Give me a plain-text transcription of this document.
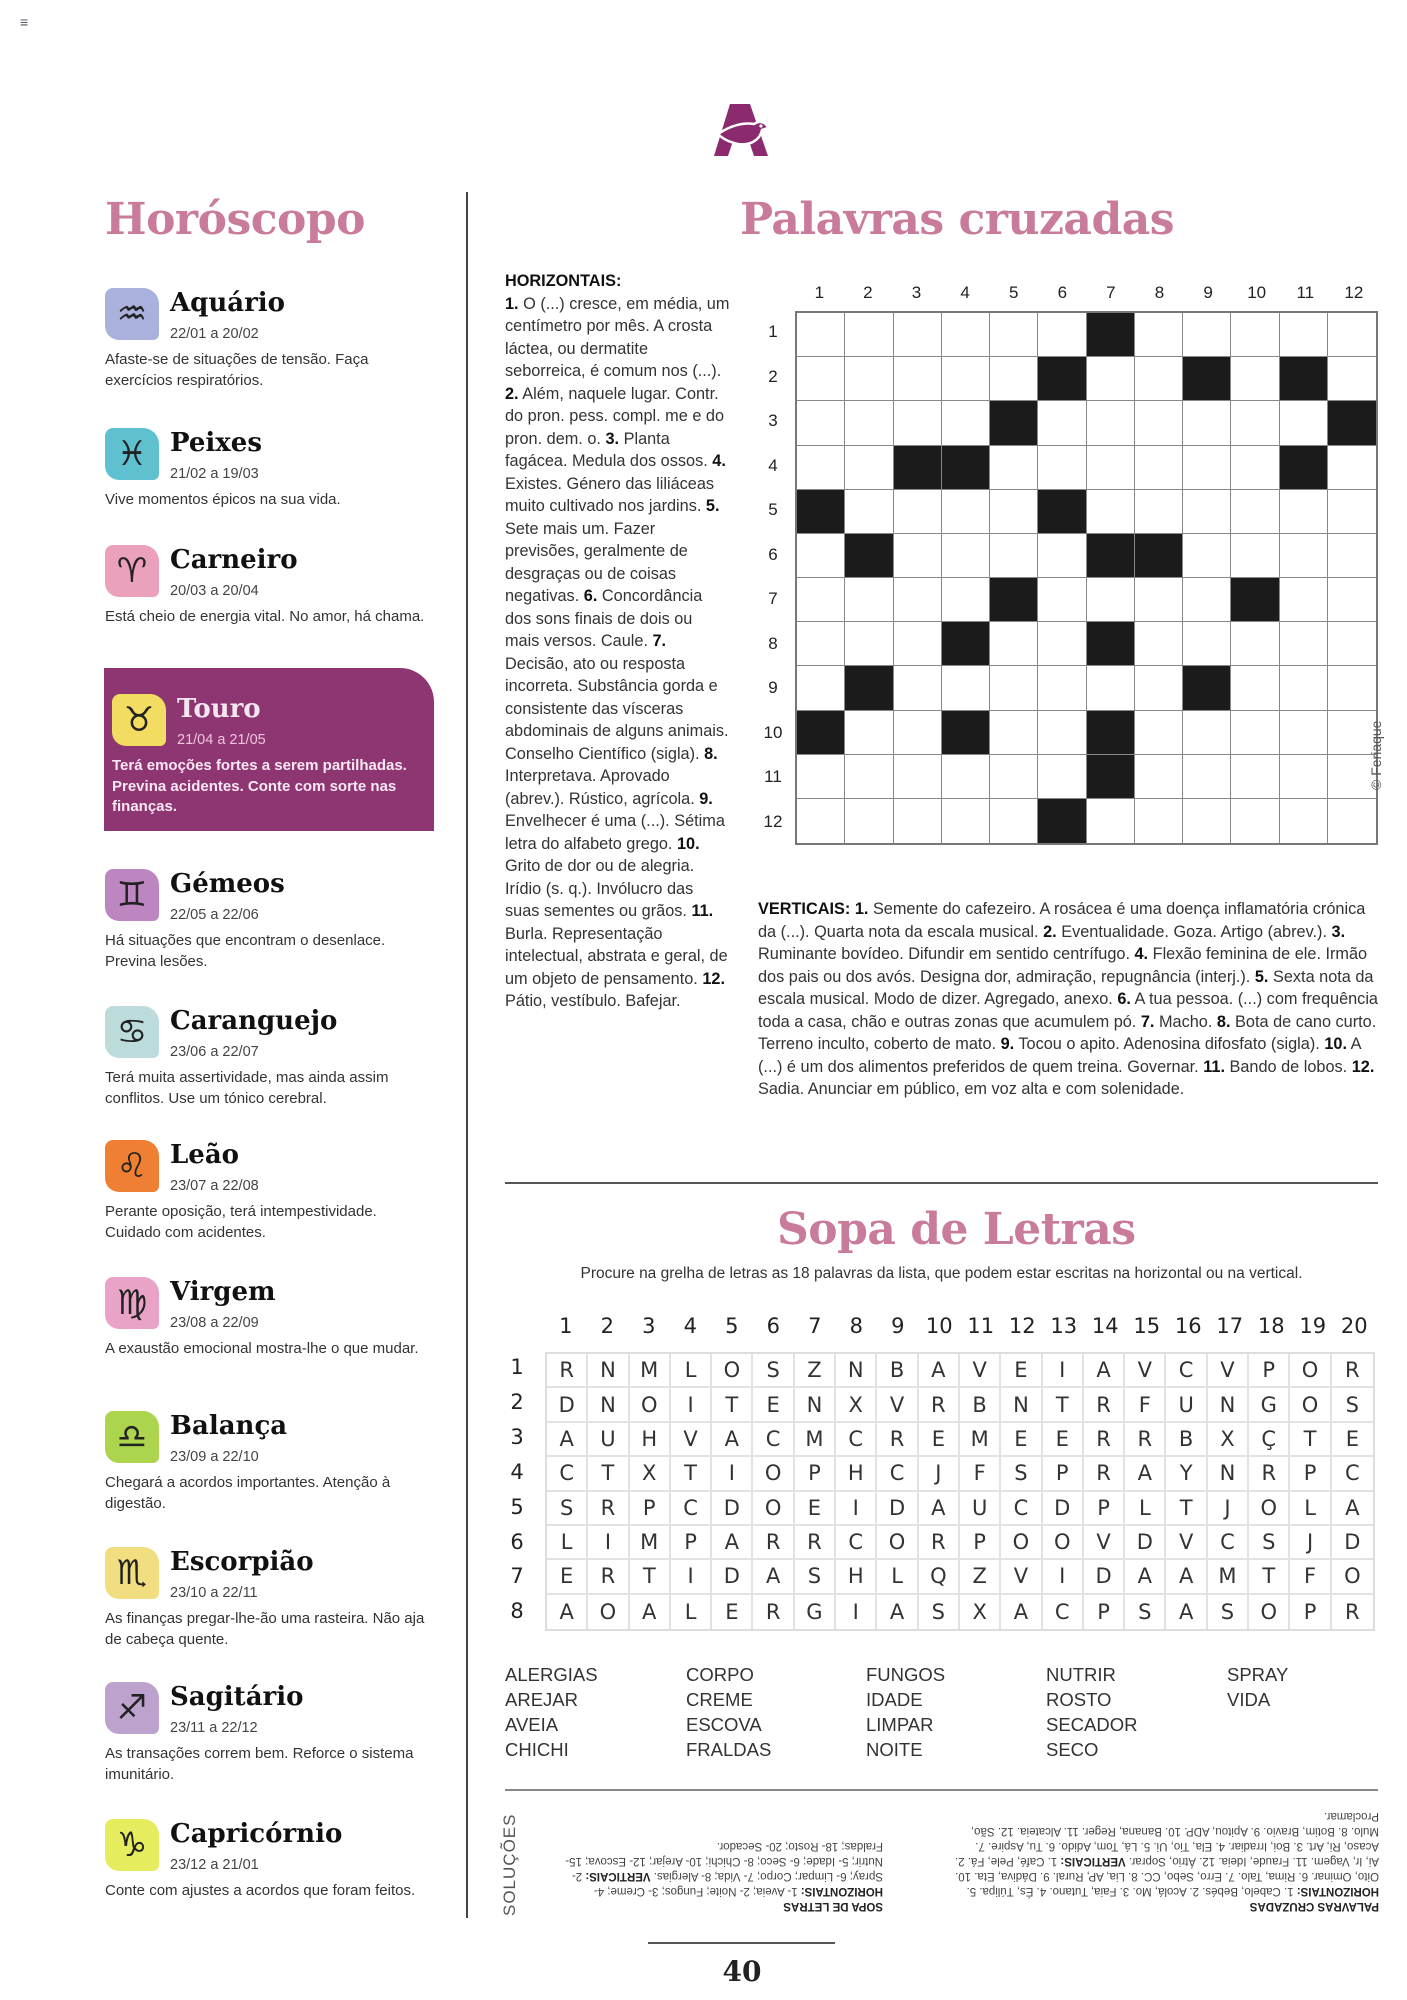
≡
Horóscopo
♒ Aquário
22/01 a 20/02
Afaste-se de situações de tensão. Faça exercícios respiratórios.
♓ Peixes
21/02 a 19/03
Vive momentos épicos na sua vida.
♈ Carneiro
20/03 a 20/04
Está cheio de energia vital. No amor, há chama.
♉ Touro
21/04 a 21/05
Terá emoções fortes a serem partilhadas. Previna acidentes. Conte com sorte nas finanças.
♊ Gémeos
22/05 a 22/06
Há situações que encontram o desenlace. Previna lesões.
♋ Caranguejo
23/06 a 22/07
Terá muita assertividade, mas ainda assim conflitos. Use um tónico cerebral.
♌ Leão
23/07 a 22/08
Perante oposição, terá intempestividade. Cuidado com acidentes.
♍ Virgem
23/08 a 22/09
A exaustão emocional mostra-lhe o que mudar.
♎ Balança
23/09 a 22/10
Chegará a acordos importantes. Atenção à digestão.
♏ Escorpião
23/10 a 22/11
As finanças pregar-lhe-ão uma rasteira. Não aja de cabeça quente.
♐ Sagitário
23/11 a 22/12
As transações correm bem. Reforce o sistema imunitário.
♑ Capricórnio
23/12 a 21/01
Conte com ajustes a acordos que foram feitos.
Palavras cruzadas
HORIZONTAIS:
1. O (...) cresce, em média, um centímetro por mês. A crosta láctea, ou dermatite seborreica, é comum nos (...). 2. Além, naquele lugar. Contr. do pron. pess. compl. me e do pron. dem. o. 3. Planta fagácea. Medula dos ossos. 4. Existes. Género das liliáceas muito cultivado nos jardins. 5. Sete mais um. Fazer previsões, geralmente de desgraças ou de coisas negativas. 6. Concordância dos sons finais de dois ou mais versos. Caule. 7. Decisão, ato ou resposta incorreta. Substância gorda e consistente das vísceras abdominais de alguns animais. Conselho Científico (sigla). 8. Interpretava. Aprovado (abrev.). Rústico, agrícola. 9. Envelhecer é uma (...). Sétima letra do alfabeto grego. 10. Grito de dor ou de alegria. Irídio (s. q.). Invólucro das suas sementes ou grãos. 11. Burla. Representação intelectual, abstrata e geral, de um objeto de pensamento. 12. Pátio, vestíbulo. Bafejar.
1
1
2
2
3
3
4
4
5
5
6
6
7
7
8
8
9
9
10
10
11
11
12
12
© Feriaque
VERTICAIS: 1. Semente do cafezeiro. A rosácea é uma doença inflamatória crónica da (...). Quarta nota da escala musical. 2. Eventualidade. Goza. Artigo (abrev.). 3. Ruminante bovídeo. Difundir em sentido centrífugo. 4. Flexão feminina de ele. Irmão dos pais ou dos avós. Designa dor, admiração, repugnância (interj.). 5. Sexta nota da escala musical. Modo de dizer. Agregado, anexo. 6. A tua pessoa. (...) com frequência toda a casa, chão e outras zonas que acumulem pó. 7. Macho. 8. Bota de cano curto. Terreno inculto, coberto de mato. 9. Tocou o apito. Adenosina difosfato (sigla). 10. A (...) é um dos alimentos preferidos de quem treina. Governar. 11. Bando de lobos. 12. Sadia. Anunciar em público, em voz alta e com solenidade.
Sopa de Letras
Procure na grelha de letras as 18 palavras da lista, que podem estar escritas na horizontal ou na vertical.
1	2	3	4	5	6	7	8	9	10 11 12 13 14 15 16 17 18 19 20
1
2
3
4
5
6
7
8
R	N	M	L	O	S	Z	N	B	A	V	E	I	A	V	C	V	P	O	R
D	N	O	I	T	E	N	X	V	R	B	N	T	R	F	U	N	G	O	S
A	U	H	V	A	C	M	C	R	E	M	E	E	R	R	B	X	Ç	T	E
C	T	X	T	I	O	P	H	C	J	F	S	P	R	A	Y	N	R	P	C
S	R	P	C	D	O	E	I	D	A	U	C	D	P	L	T	J	O	L	A
L	I	M	P	A	R	R	C	O	R	P	O	O	V	D	V	C	S	J	D
E	R	T	I	D	A	S	H	L	Q	Z	V	I	D	A	A	M	T	F	O
A	O	A	L	E	R	G	I	A	S	X	A	C	P	S	A	S	O	P	R
ALERGIAS
AREJAR
AVEIA
CHICHI
CORPO
CREME
ESCOVA
FRALDAS
FUNGOS
IDADE
LIMPAR
NOITE
NUTRIR
ROSTO
SECADOR
SECO
SPRAY
VIDA
SOLUÇÕES	SOPA DE LETRAS
HORIZONTAIS: 1- Aveia; 2- Noite; Fungos; 3- Creme; 4- Spray; 6- Limpar; Corpo; 7- Vida; 8- Alergias. VERTICAIS: 2- Nutrir; 5- Idade; 6- Seco; 8- Chichi; 10- Arejar; 12- Escova; 15- Fraldas; 18- Rosto; 20- Secador.
PALAVRAS CRUZADAS
HORIZONTAIS: 1. Cabelo, Bebés. 2. Acolá, Mo. 3. Faia, Tutano. 4. És, Túlipa. 5. Oito, Ominar. 6. Rima, Talo. 7. Erro, Sebo, CC. 8. Lia, AP, Rural. 9. Dádiva, Eta. 10. Ai, Ir, Vagem. 11. Fraude, Ideia. 12. Átrio, Soprar. VERTICAIS: 1. Café, Pele, Fá. 2. Acaso, Ri, Art. 3. Boi, Irradiar. 4. Ela, Tio, Ui. 5. Lá, Tom, Adido. 6. Tu, Aspire. 7. Mulo. 8. Botim, Bravio. 9. Apitou, ADP. 10. Banana, Reger. 11. Alcateia. 12. São, Proclamar.
40
